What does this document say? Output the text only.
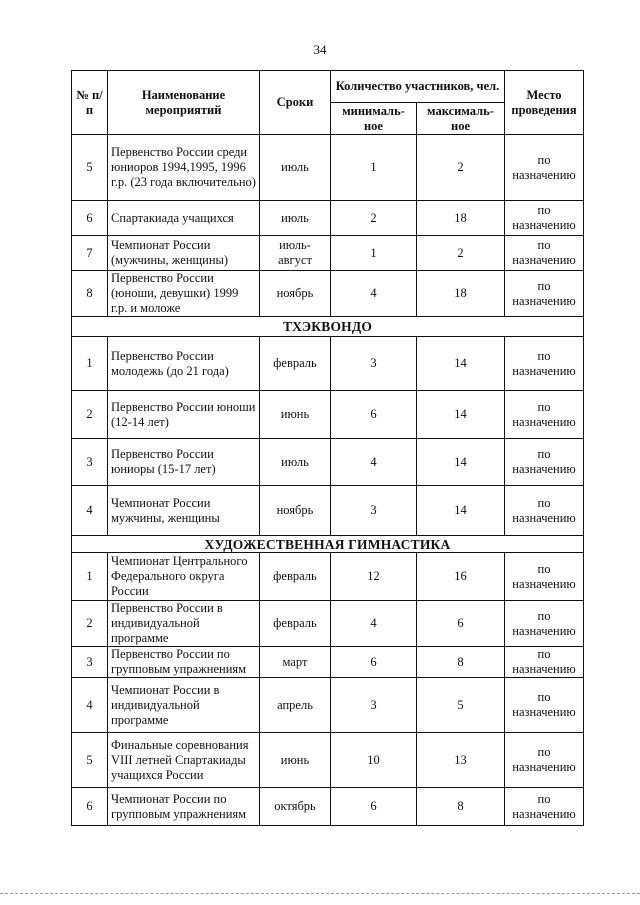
34
№ п/п	Наименование мероприятий	Сроки	Количество участников, чел.		Место проведения
			минималь-ное	максималь-ное	
5	Первенство России среди юниоров 1994,1995, 1996 г.р. (23 года включительно)	июль	1	2	по назначению
6	Спартакиада учащихся	июль	2	18	по назначению
7	Чемпионат России (мужчины, женщины)	июль-август	1	2	по назначению
8	Первенство России (юноши, девушки) 1999 г.р. и моложе	ноябрь	4	18	по назначению
ТХЭКВОНДО					
1	Первенство России молодежь (до 21 года)	февраль	3	14	по назначению
2	Первенство России юноши (12-14 лет)	июнь	6	14	по назначению
3	Первенство России юниоры (15-17 лет)	июль	4	14	по назначению
4	Чемпионат России мужчины, женщины	ноябрь	3	14	по назначению
ХУДОЖЕСТВЕННАЯ ГИМНАСТИКА					
1	Чемпионат Центрального Федерального округа России	февраль	12	16	по назначению
2	Первенство России в индивидуальной программе	февраль	4	6	по назначению
3	Первенство России по групповым упражнениям	март	6	8	по назначению
4	Чемпионат России в индивидуальной программе	апрель	3	5	по назначению
5	Финальные соревнования VIII летней Спартакиады учащихся России	июнь	10	13	по назначению
6	Чемпионат России по групповым упражнениям	октябрь	6	8	по назначению
